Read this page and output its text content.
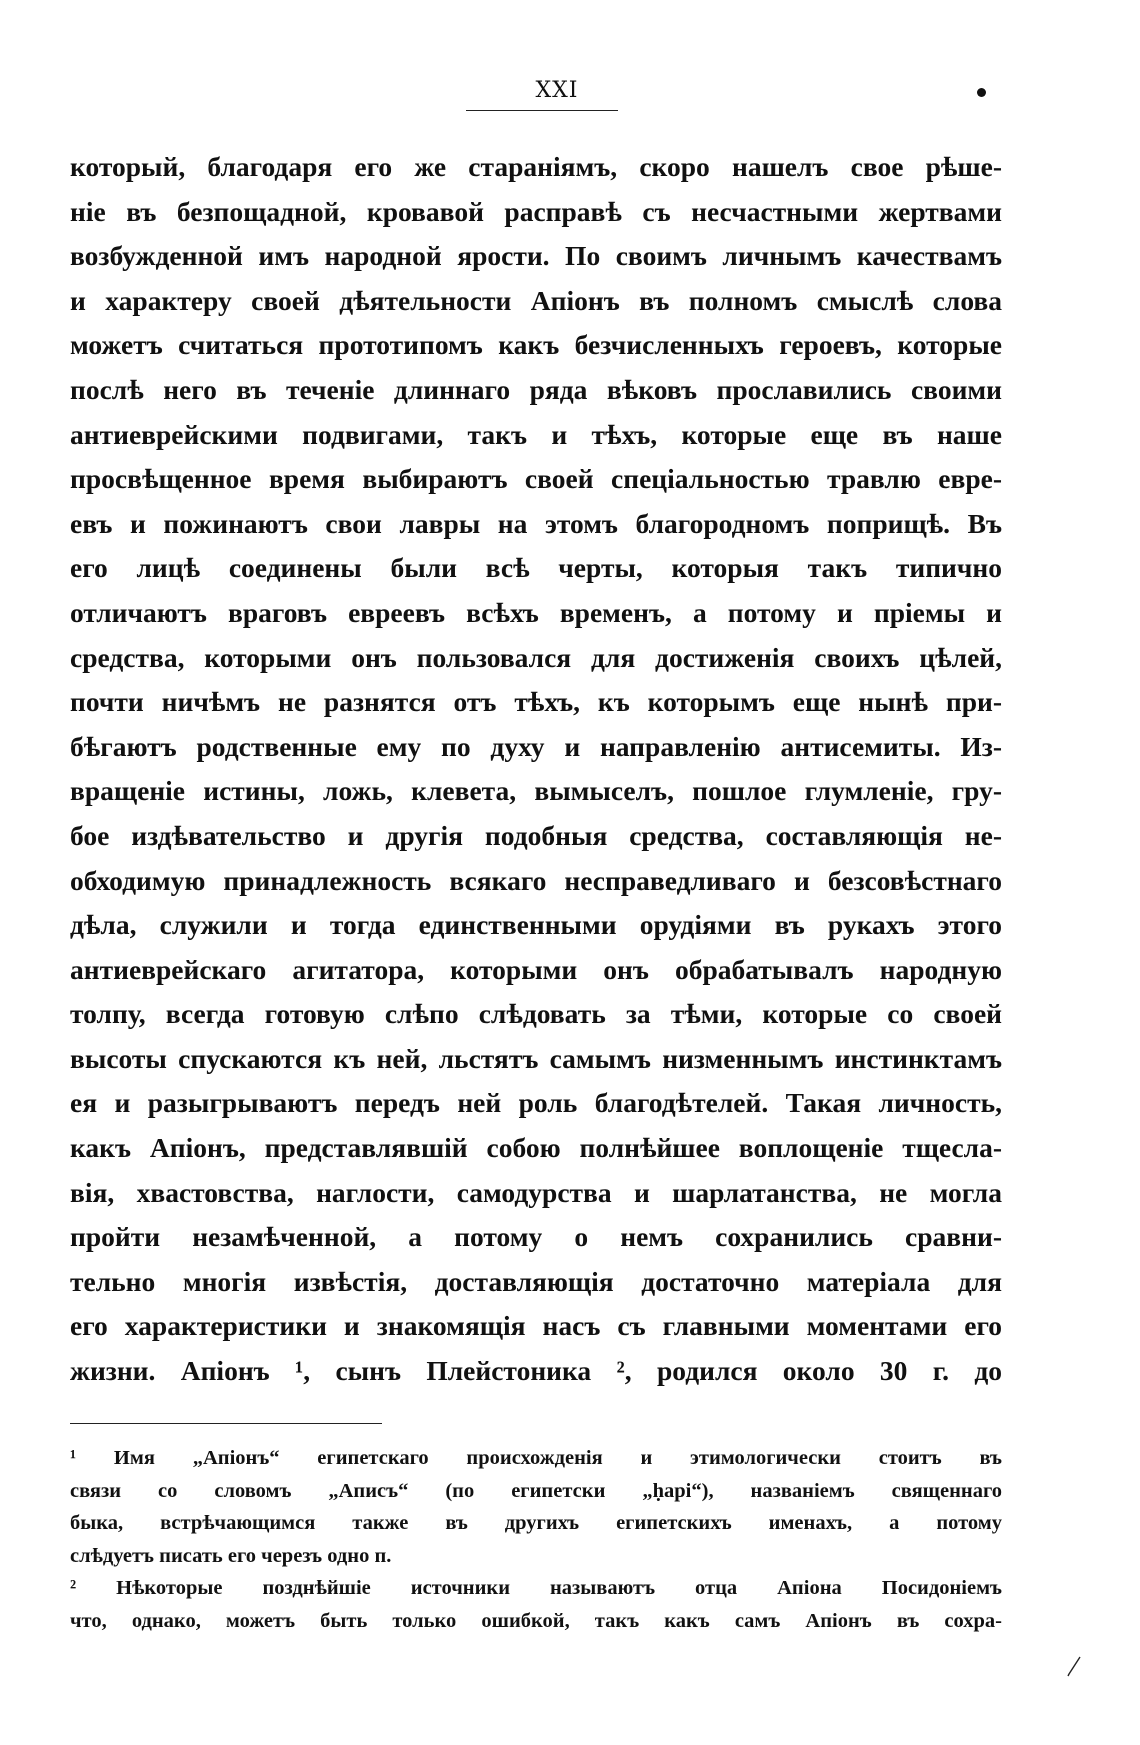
XXI
который, благодаря его же стараніямъ, скоро нашелъ свое рѣше-
ніе въ безпощадной, кровавой расправѣ съ несчастными жертвами
возбужденной имъ народной ярости. По своимъ личнымъ качествамъ
и характеру своей дѣятельности Апіонъ въ полномъ смыслѣ слова
можетъ считаться прототипомъ какъ безчисленныхъ героевъ, которые
послѣ него въ теченіе длиннаго ряда вѣковъ прославились своими
антиеврейскими подвигами, такъ и тѣхъ, которые еще въ наше
просвѣщенное время выбираютъ своей спеціальностью травлю евре-
евъ и пожинаютъ свои лавры на этомъ благородномъ поприщѣ. Въ
его лицѣ соединены были всѣ черты, которыя такъ типично
отличаютъ враговъ евреевъ всѣхъ временъ, а потому и пріемы и
средства, которыми онъ пользовался для достиженія своихъ цѣлей,
почти ничѣмъ не разнятся отъ тѣхъ, къ которымъ еще нынѣ при-
бѣгаютъ родственные ему по духу и направленію антисемиты. Из-
вращеніе истины, ложь, клевета, вымыселъ, пошлое глумленіе, гру-
бое издѣвательство и другія подобныя средства, составляющія не-
обходимую принадлежность всякаго несправедливаго и безсовѣстнаго
дѣла, служили и тогда единственными орудіями въ рукахъ этого
антиеврейскаго агитатора, которыми онъ обрабатывалъ народную
толпу, всегда готовую слѣпо слѣдовать за тѣми, которые со своей
высоты спускаются къ ней, льстятъ самымъ низменнымъ инстинктамъ
ея и разыгрываютъ передъ ней роль благодѣтелей. Такая личность,
какъ Апіонъ, представлявшій собою полнѣйшее воплощеніе тщесла-
вія, хвастовства, наглости, самодурства и шарлатанства, не могла
пройти незамѣченной, а потому о немъ сохранились сравни-
тельно многія извѣстія, доставляющія достаточно матеріала для
его характеристики и знакомящія насъ съ главными моментами его
жизни. Апіонъ ¹, сынъ Плейстоника ², родился около 30 г. до
¹ Имя „Апіонъ“ египетскаго происхожденія и этимологически стоитъ въ
связи со словомъ „Аписъ“ (по египетски „ḥapi“), названіемъ священнаго
быка, встрѣчающимся также въ другихъ египетскихъ именахъ, а потому
слѣдуетъ писать его черезъ одно п.
² Нѣкоторые позднѣйшіе источники называютъ отца Апіона Посидоніемъ
что, однако, можетъ быть только ошибкой, такъ какъ самъ Апіонъ въ сохра-
